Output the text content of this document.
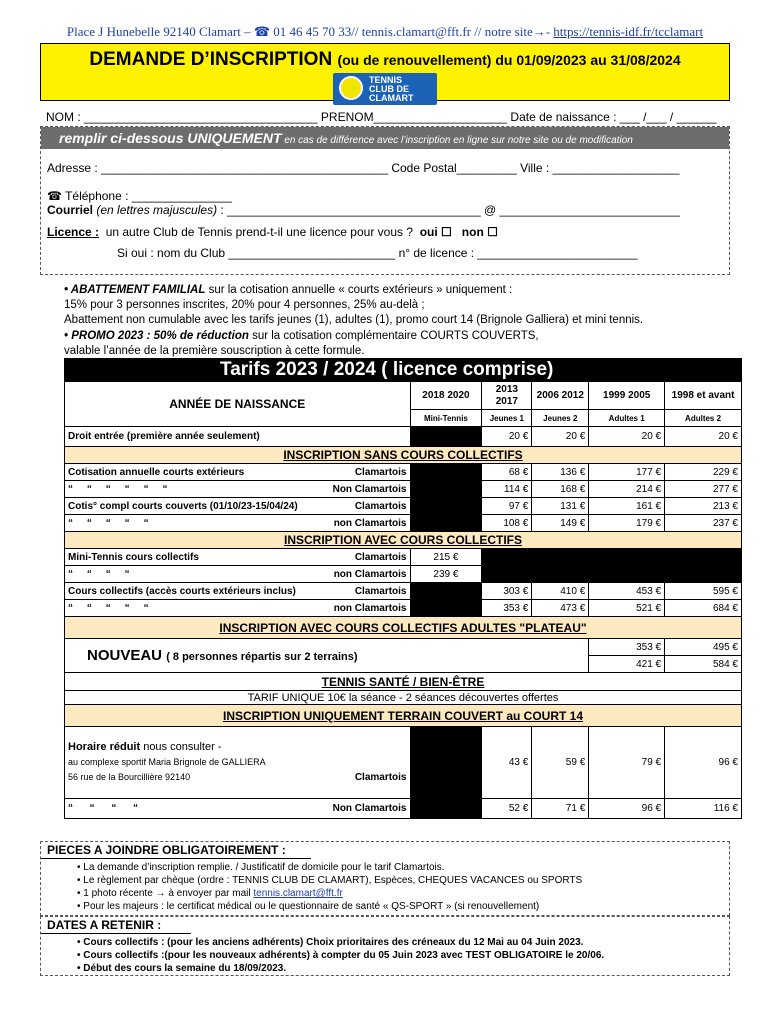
Place J Hunebelle 92140 Clamart – ☎ 01 46 45 70 33// tennis.clamart@fft.fr // notre site→- https://tennis-idf.fr/tcclamart
DEMANDE D’INSCRIPTION (ou de renouvellement) du 01/09/2023 au 31/08/2024
TENNIS
CLUB DE
CLAMART
NOM : ___________________________________ PRENOM____________________ Date de naissance : ___ /___ / ______
remplir ci-dessous UNIQUEMENT en cas de différence avec l’inscription en ligne sur notre site ou de modification
Adresse : ___________________________________________ Code Postal_________ Ville : ___________________
☎ Téléphone : _______________
Courriel (en lettres majuscules) : ______________________________________ @ ___________________________
Licence : un autre Club de Tennis prend-t-il une licence pour vous ? oui ☐ non ☐
Si oui : nom du Club _________________________ n° de licence : ________________________
• ABATTEMENT FAMILIAL sur la cotisation annuelle « courts extérieurs » uniquement :
15% pour 3 personnes inscrites, 20% pour 4 personnes, 25% au-delà ;
Abattement non cumulable avec les tarifs jeunes (1), adultes (1), promo court 14 (Brignole Galliera) et mini tennis.
• PROMO 2023 : 50% de réduction sur la cotisation complémentaire COURTS COUVERTS,
valable l’année de la première souscription à cette formule.
Tarifs 2023 / 2024 ( licence comprise)					
ANNÉE DE NAISSANCE	2018 2020	2013 2017	2006 2012	1999 2005	1998 et avant
	Mini-Tennis	Jeunes 1	Jeunes 2	Adultes 1	Adultes 2
Droit entrée (première année seulement)		20 €	20 €	20 €	20 €
INSCRIPTION SANS COURS COLLECTIFS					
Cotisation annuelle courts extérieurs Clamartois		68 €	136 €	177 €	229 €
“     “     “     “     “     “ Non Clamartois		114 €	168 €	214 €	277 €
Cotis° compl courts couverts (01/10/23-15/04/24) Clamartois		97 €	131 €	161 €	213 €
“     “     “     “     “ non Clamartois		108 €	149 €	179 €	237 €
INSCRIPTION AVEC COURS COLLECTIFS					
Mini-Tennis cours collectifs Clamartois	215 €				
“     “     “     “ non Clamartois	239 €				
Cours collectifs (accès courts extérieurs inclus) Clamartois		303 €	410 €	453 €	595 €
“     “     “     “     “ non Clamartois		353 €	473 €	521 €	684 €
INSCRIPTION AVEC COURS COLLECTIFS ADULTES "PLATEAU"					
NOUVEAU ( 8 personnes répartis sur 2 terrains)				353 €	495 €
				421 €	584 €
TENNIS SANTÉ / BIEN-ÊTRE					
TARIF UNIQUE 10€ la séance - 2 séances découvertes offertes					
INSCRIPTION UNIQUEMENT TERRAIN COUVERT au COURT 14					

Horaire réduit nous consulter -
au complexe sportif Maria Brignole de GALLIERA
56 rue de la Bourcillière 92140 Clamartois		43 €	59 €	79 €	96 €
“      “      “      “ Non Clamartois		52 €	71 €	96 €	116 €
PIECES A JOINDRE OBLIGATOIREMENT :
• La demande d’inscription remplie. / Justificatif de domicile pour le tarif Clamartois.
• Le règlement par chèque (ordre : TENNIS CLUB DE CLAMART), Espèces, CHEQUES VACANCES ou SPORTS
• 1 photo récente → à envoyer par mail tennis.clamart@fft.fr
• Pour les majeurs : le certificat médical ou le questionnaire de santé « QS-SPORT » (si renouvellement)
DATES A RETENIR :
• Cours collectifs : (pour les anciens adhérents) Choix prioritaires des créneaux du 12 Mai au 04 Juin 2023.
• Cours collectifs :(pour les nouveaux adhérents) à compter du 05 Juin 2023 avec TEST OBLIGATOIRE le 20/06.
• Début des cours la semaine du 18/09/2023.
